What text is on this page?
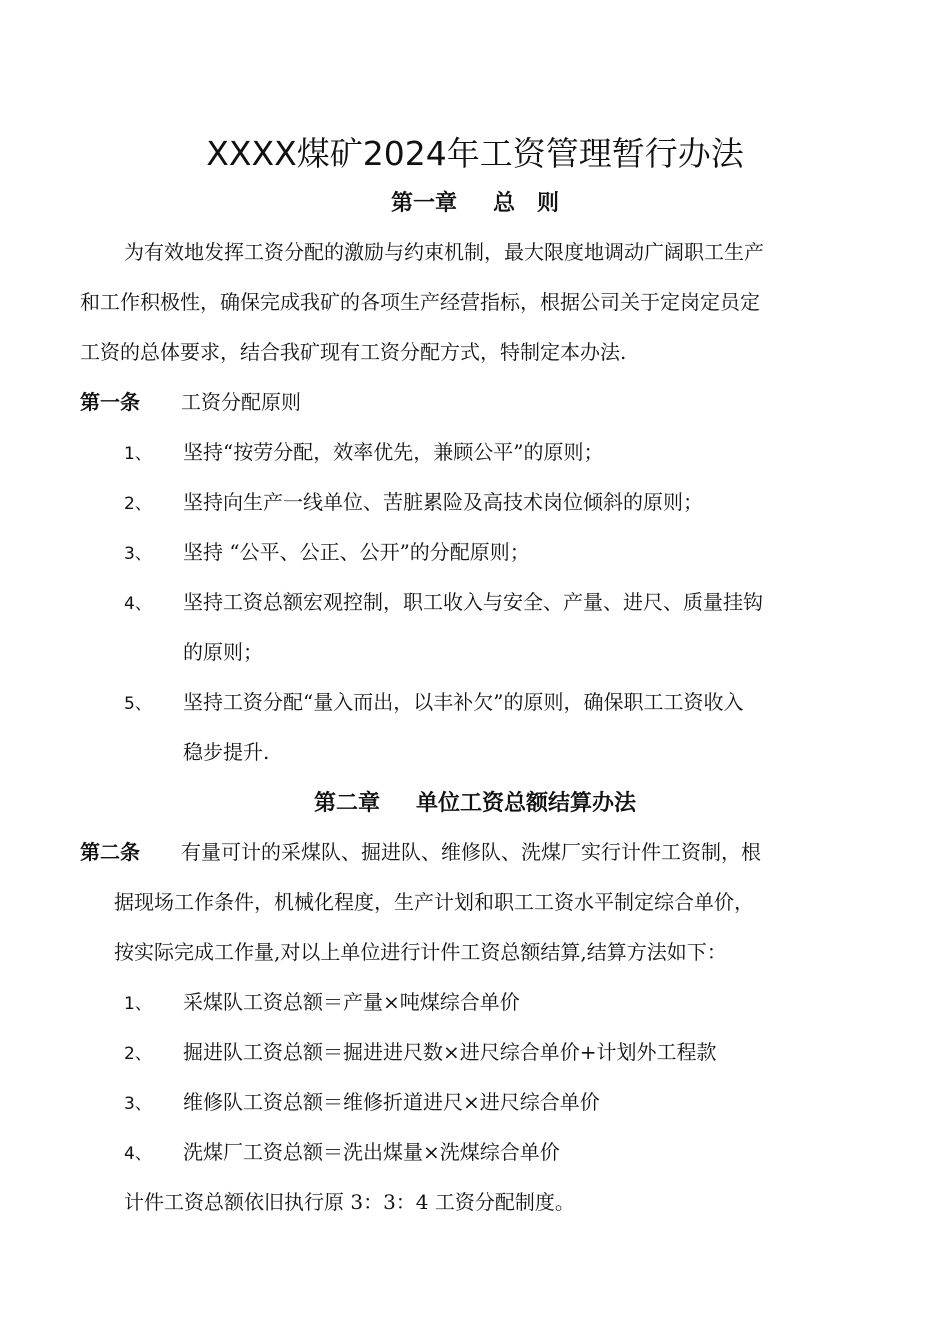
XXXX煤矿2024年工资管理暂行办法
第一章 总　则
为有效地发挥工资分配的激励与约束机制，最大限度地调动广阔职工生产
和工作积极性，确保完成我矿的各项生产经营指标，根据公司关于定岗定员定
工资的总体要求，结合我矿现有工资分配方式，特制定本办法.
第一条 工资分配原则
1、 坚持“按劳分配，效率优先，兼顾公平”的原则；
2、 坚持向生产一线单位、苦脏累险及高技术岗位倾斜的原则；
3、 坚持 “公平、公正、公开”的分配原则；
4、 坚持工资总额宏观控制，职工收入与安全、产量、进尺、质量挂钩
的原则；
5、 坚持工资分配“量入而出，以丰补欠”的原则，确保职工工资收入
稳步提升.
第二章 单位工资总额结算办法
第二条 有量可计的采煤队、掘进队、维修队、洗煤厂实行计件工资制，根
据现场工作条件，机械化程度，生产计划和职工工资水平制定综合单价，
按实际完成工作量,对以上单位进行计件工资总额结算,结算方法如下：
1、 采煤队工资总额＝产量×吨煤综合单价
2、 掘进队工资总额＝掘进进尺数×进尺综合单价+计划外工程款
3、 维修队工资总额＝维修折道进尺×进尺综合单价
4、 洗煤厂工资总额＝洗出煤量×洗煤综合单价
计件工资总额依旧执行原 3：3：4 工资分配制度。
